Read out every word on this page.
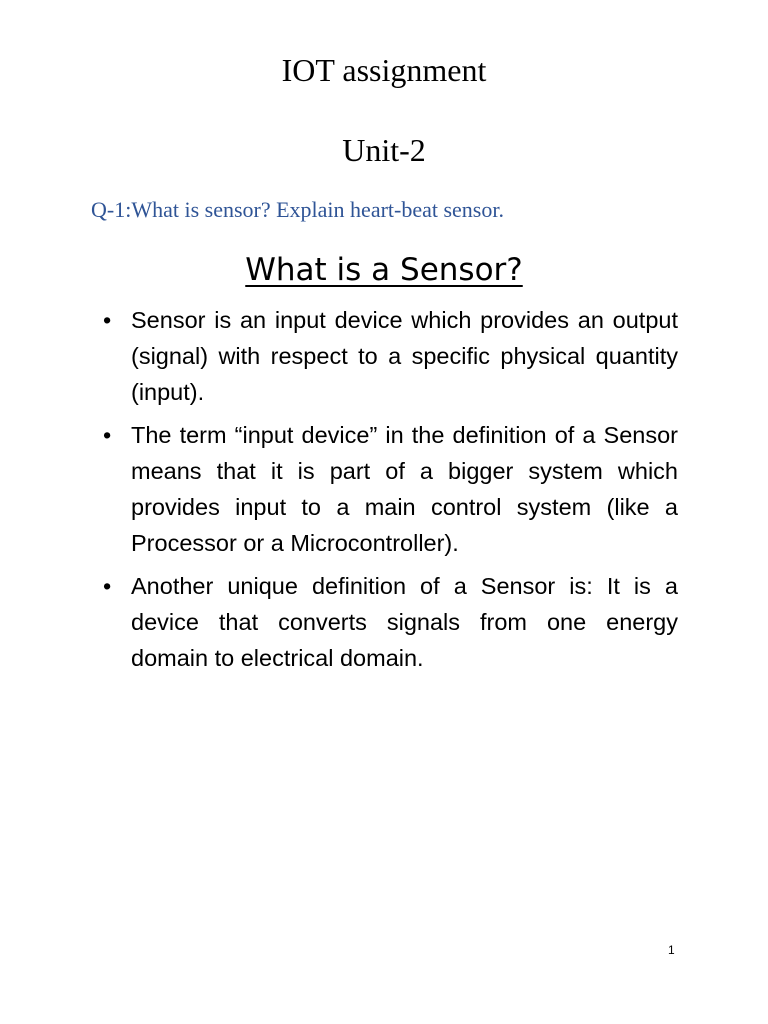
IOT assignment
Unit-2

Q-1:What is sensor? Explain heart-beat sensor.

What is a Sensor?
• Sensor is an input device which provides an output (signal) with respect to a specific physical quantity (input).
• The term “input device” in the definition of a Sensor means that it is part of a bigger system which provides input to a main control system (like a Processor or a Microcontroller).
• Another unique definition of a Sensor is: It is a device that converts signals from one energy domain to electrical domain.
1
